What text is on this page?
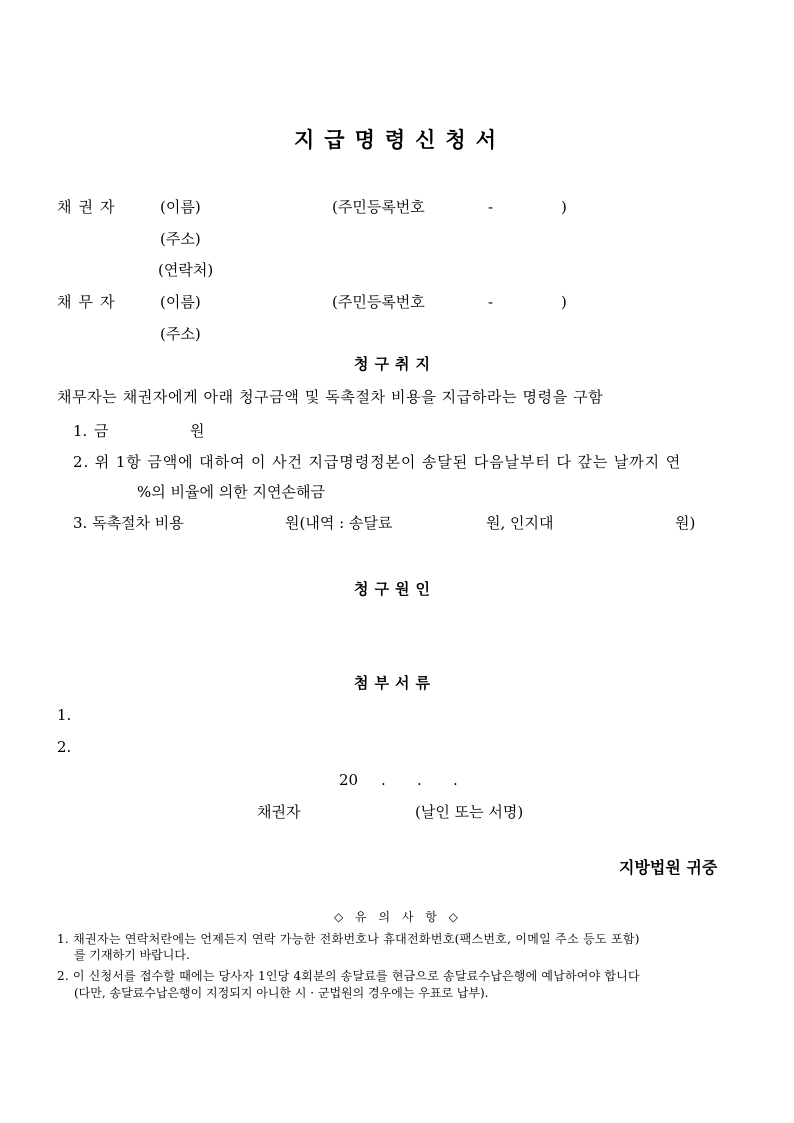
지급명령신청서
채권자	(이름)	(주민등록번호	-	)
(주소)
(연락처)
채무자	(이름)	(주민등록번호	-	)
(주소)
청구취지
채무자는 채권자에게 아래 청구금액 및 독촉절차 비용을 지급하라는 명령을 구함
1. 금	원
2. 위 1항 금액에 대하여 이 사건 지급명령정본이 송달된 다음날부터 다 갚는 날까지 연
%의 비율에 의한 지연손해금
3. 독촉절차 비용	원(내역 : 송달료	원, 인지대	원)
청구원인
첨부서류
1.
2.
20 . . .
채권자	(날인 또는 서명)
지방법원 귀중
◇ 유 의 사 항 ◇
1. 채권자는 연락처란에는 언제든지 연락 가능한 전화번호나 휴대전화번호(팩스번호, 이메일 주소 등도 포함)
를 기재하기 바랍니다.
2. 이 신청서를 접수할 때에는 당사자 1인당 4회분의 송달료를 현금으로 송달료수납은행에 예납하여야 합니다
(다만, 송달료수납은행이 지정되지 아니한 시 · 군법원의 경우에는 우표로 납부).
